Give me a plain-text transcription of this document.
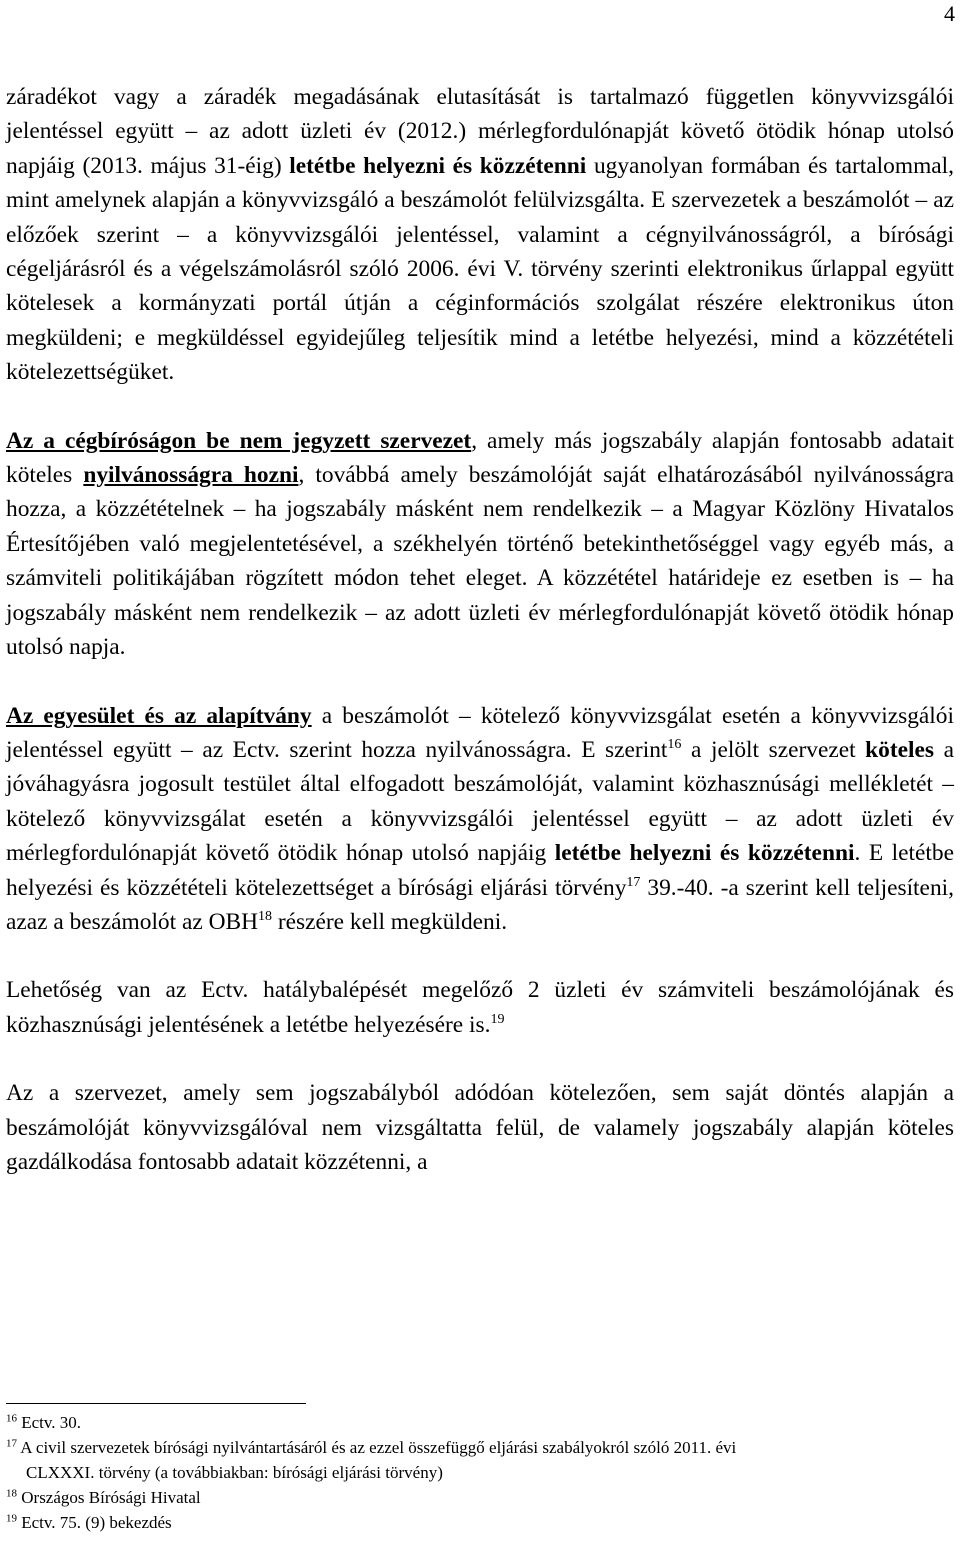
4

záradékot vagy a záradék megadásának elutasítását is tartalmazó független könyvvizsgálói jelentéssel együtt – az adott üzleti év (2012.) mérlegfordulónapját követő ötödik hónap utolsó napjáig (2013. május 31-éig) letétbe helyezni és közzétenni ugyanolyan formában és tartalommal, mint amelynek alapján a könyvvizsgáló a beszámolót felülvizsgálta. E szervezetek a beszámolót – az előzőek szerint – a könyvvizsgálói jelentéssel, valamint a cégnyilvánosságról, a bírósági cégeljárásról és a végelszámolásról szóló 2006. évi V. törvény szerinti elektronikus űrlappal együtt kötelesek a kormányzati portál útján a céginformációs szolgálat részére elektronikus úton megküldeni; e megküldéssel egyidejűleg teljesítik mind a letétbe helyezési, mind a közzétételi kötelezettségüket.

Az a cégbíróságon be nem jegyzett szervezet, amely más jogszabály alapján fontosabb adatait köteles nyilvánosságra hozni, továbbá amely beszámolóját saját elhatározásából nyilvánosságra hozza, a közzétételnek – ha jogszabály másként nem rendelkezik – a Magyar Közlöny Hivatalos Értesítőjében való megjelentetésével, a székhelyén történő betekinthetőséggel vagy egyéb más, a számviteli politikájában rögzített módon tehet eleget. A közzététel határideje ez esetben is – ha jogszabály másként nem rendelkezik – az adott üzleti év mérlegfordulónapját követő ötödik hónap utolsó napja.

Az egyesület és az alapítvány a beszámolót – kötelező könyvvizsgálat esetén a könyvvizsgálói jelentéssel együtt – az Ectv. szerint hozza nyilvánosságra. E szerint$^{16}$ a jelölt szervezet köteles a jóváhagyásra jogosult testület által elfogadott beszámolóját, valamint közhasznúsági mellékletét – kötelező könyvvizsgálat esetén a könyvvizsgálói jelentéssel együtt – az adott üzleti év mérlegfordulónapját követő ötödik hónap utolsó napjáig letétbe helyezni és közzétenni. E letétbe helyezési és közzétételi kötelezettséget a bírósági eljárási törvény$^{17}$ 39.-40. -a szerint kell teljesíteni, azaz a beszámolót az OBH$^{18}$ részére kell megküldeni.

Lehetőség van az Ectv. hatálybalépését megelőző 2 üzleti év számviteli beszámolójának és közhasznúsági jelentésének a letétbe helyezésére is.$^{19}$

Az a szervezet, amely sem jogszabályból adódóan kötelezően, sem saját döntés alapján a beszámolóját könyvvizsgálóval nem vizsgáltatta felül, de valamely jogszabály alapján köteles gazdálkodása fontosabb adatait közzétenni, a

$^{16}$ Ectv. 30.

$^{17}$ A civil szervezetek bírósági nyilvántartásáról és az ezzel összefüggő eljárási szabályokról szóló 2011. évi
CLXXXI. törvény (a továbbiakban: bírósági eljárási törvény)

$^{18}$ Országos Bírósági Hivatal

$^{19}$ Ectv. 75. (9) bekezdés
